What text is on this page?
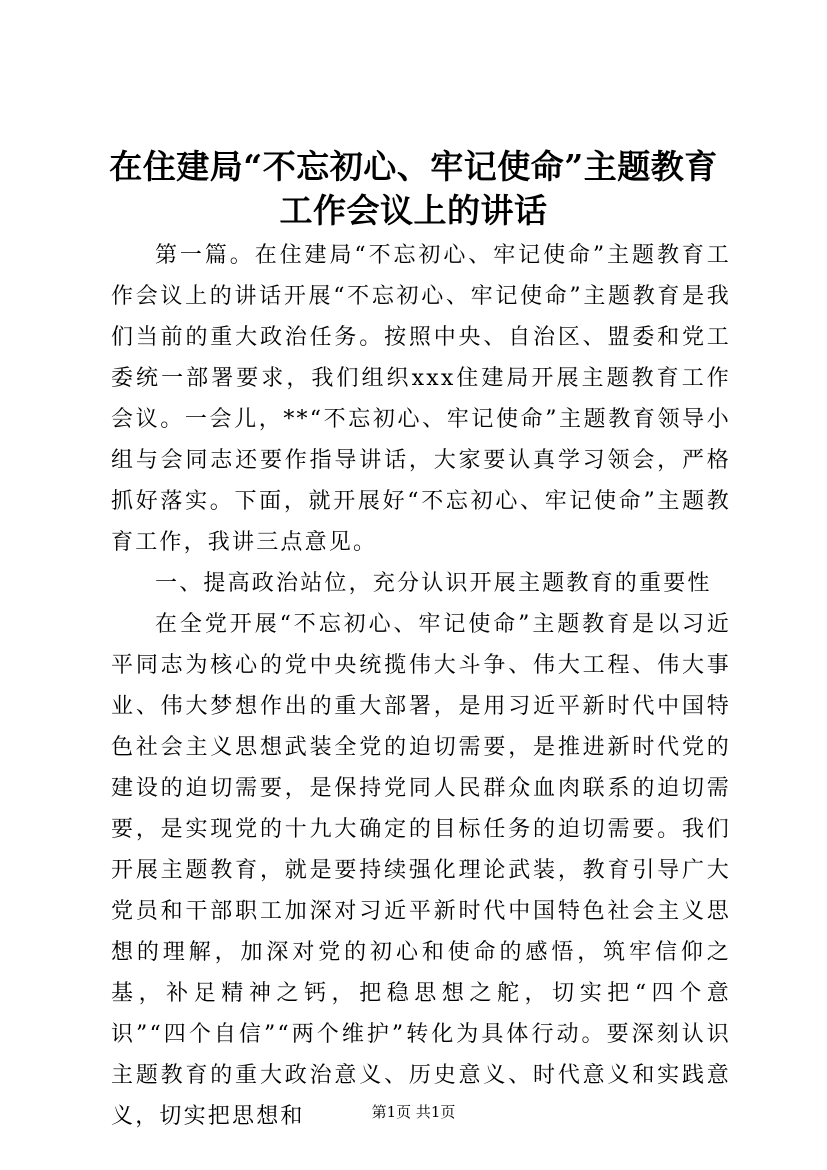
在住建局“不忘初心、牢记使命”主题教育工作会议上的讲话

第一篇。在住建局“不忘初心、牢记使命”主题教育工作会议上的讲话开展“不忘初心、牢记使命”主题教育是我们当前的重大政治任务。按照中央、自治区、盟委和党工委统一部署要求，我们组织xxx住建局开展主题教育工作会议。一会儿，**“不忘初心、牢记使命”主题教育领导小组与会同志还要作指导讲话，大家要认真学习领会，严格抓好落实。下面，就开展好“不忘初心、牢记使命”主题教育工作，我讲三点意见。

一、提高政治站位，充分认识开展主题教育的重要性

在全党开展“不忘初心、牢记使命”主题教育是以习近平同志为核心的党中央统揽伟大斗争、伟大工程、伟大事业、伟大梦想作出的重大部署，是用习近平新时代中国特色社会主义思想武装全党的迫切需要，是推进新时代党的建设的迫切需要，是保持党同人民群众血肉联系的迫切需要，是实现党的十九大确定的目标任务的迫切需要。我们开展主题教育，就是要持续强化理论武装，教育引导广大党员和干部职工加深对习近平新时代中国特色社会主义思想的理解，加深对党的初心和使命的感悟，筑牢信仰之基，补足精神之钙，把稳思想之舵，切实把“四个意识”“四个自信”“两个维护”转化为具体行动。要深刻认识主题教育的重大政治意义、历史意义、时代意义和实践意义，切实把思想和	第1页 共1页
